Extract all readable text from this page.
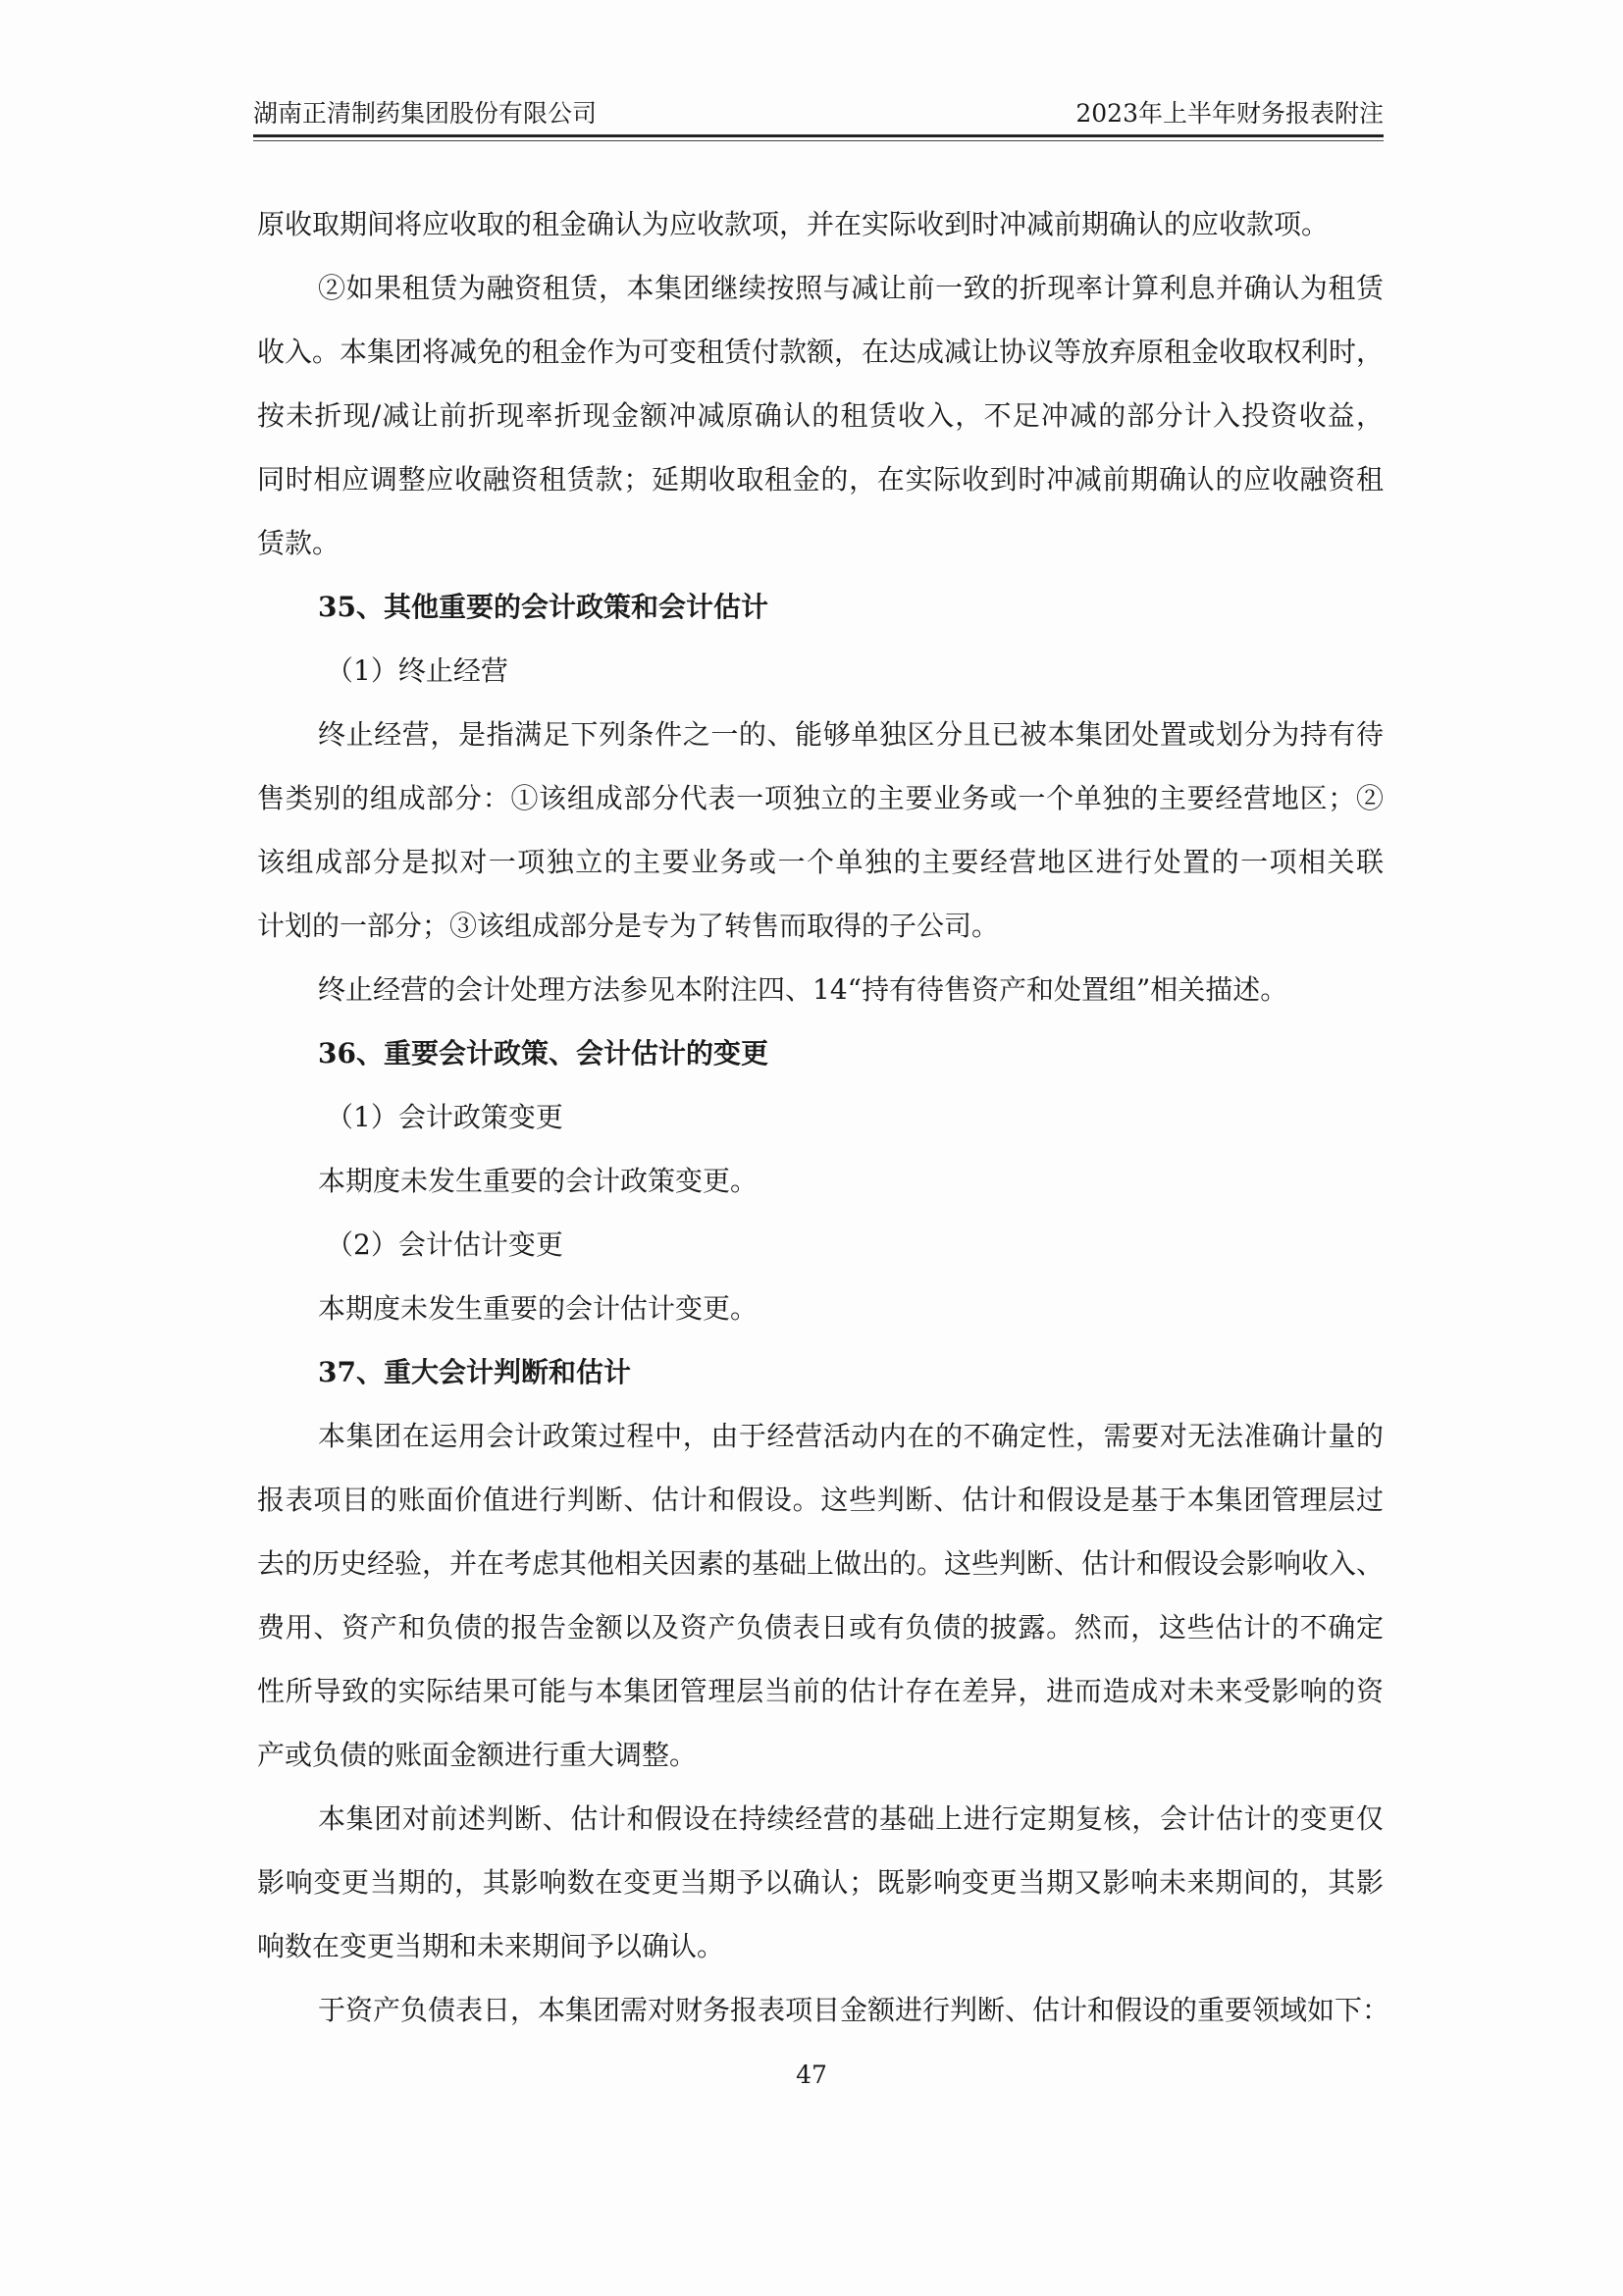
湖南正清制药集团股份有限公司	2023年上半年财务报表附注
原收取期间将应收取的租金确认为应收款项，并在实际收到时冲减前期确认的应收款项。
②如果租赁为融资租赁，本集团继续按照与减让前一致的折现率计算利息并确认为租赁
收入。本集团将减免的租金作为可变租赁付款额，在达成减让协议等放弃原租金收取权利时，
按未折现/减让前折现率折现金额冲减原确认的租赁收入，不足冲减的部分计入投资收益，
同时相应调整应收融资租赁款；延期收取租金的，在实际收到时冲减前期确认的应收融资租
赁款。
35、其他重要的会计政策和会计估计
（1）终止经营
终止经营，是指满足下列条件之一的、能够单独区分且已被本集团处置或划分为持有待
售类别的组成部分：①该组成部分代表一项独立的主要业务或一个单独的主要经营地区；②
该组成部分是拟对一项独立的主要业务或一个单独的主要经营地区进行处置的一项相关联
计划的一部分；③该组成部分是专为了转售而取得的子公司。
终止经营的会计处理方法参见本附注四、14“持有待售资产和处置组”相关描述。
36、重要会计政策、会计估计的变更
（1）会计政策变更
本期度未发生重要的会计政策变更。
（2）会计估计变更
本期度未发生重要的会计估计变更。
37、重大会计判断和估计
本集团在运用会计政策过程中，由于经营活动内在的不确定性，需要对无法准确计量的
报表项目的账面价值进行判断、估计和假设。这些判断、估计和假设是基于本集团管理层过
去的历史经验，并在考虑其他相关因素的基础上做出的。这些判断、估计和假设会影响收入、
费用、资产和负债的报告金额以及资产负债表日或有负债的披露。然而，这些估计的不确定
性所导致的实际结果可能与本集团管理层当前的估计存在差异，进而造成对未来受影响的资
产或负债的账面金额进行重大调整。
本集团对前述判断、估计和假设在持续经营的基础上进行定期复核，会计估计的变更仅
影响变更当期的，其影响数在变更当期予以确认；既影响变更当期又影响未来期间的，其影
响数在变更当期和未来期间予以确认。
于资产负债表日，本集团需对财务报表项目金额进行判断、估计和假设的重要领域如下：
47
